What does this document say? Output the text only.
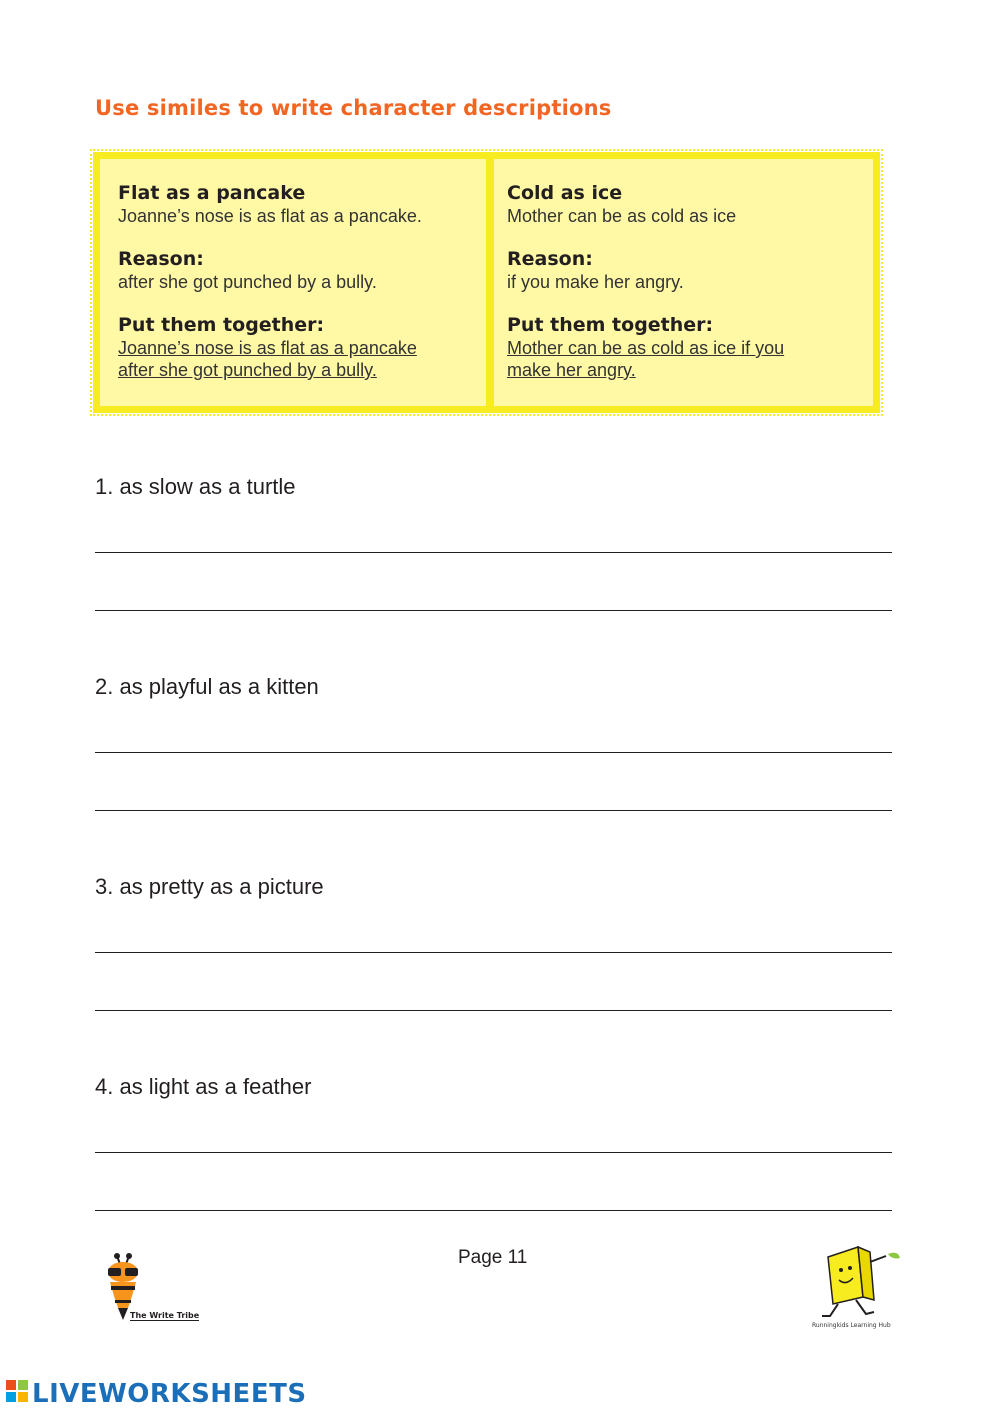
Use similes to write character descriptions
Flat as a pancake
Joanne’s nose is as flat as a pancake.
Reason:
after she got punched by a bully.
Put them together:
Joanne’s nose is as flat as a pancake
after she got punched by a bully.
Cold as ice
Mother can be as cold as ice
Reason:
if you make her angry.
Put them together:
Mother can be as cold as ice if you
make her angry.
1. as slow as a turtle
2. as playful as a kitten
3. as pretty as a picture
4. as light as a feather
Page 11
The Write Tribe
Runningkids Learning Hub
LIVEWORKSHEETS
